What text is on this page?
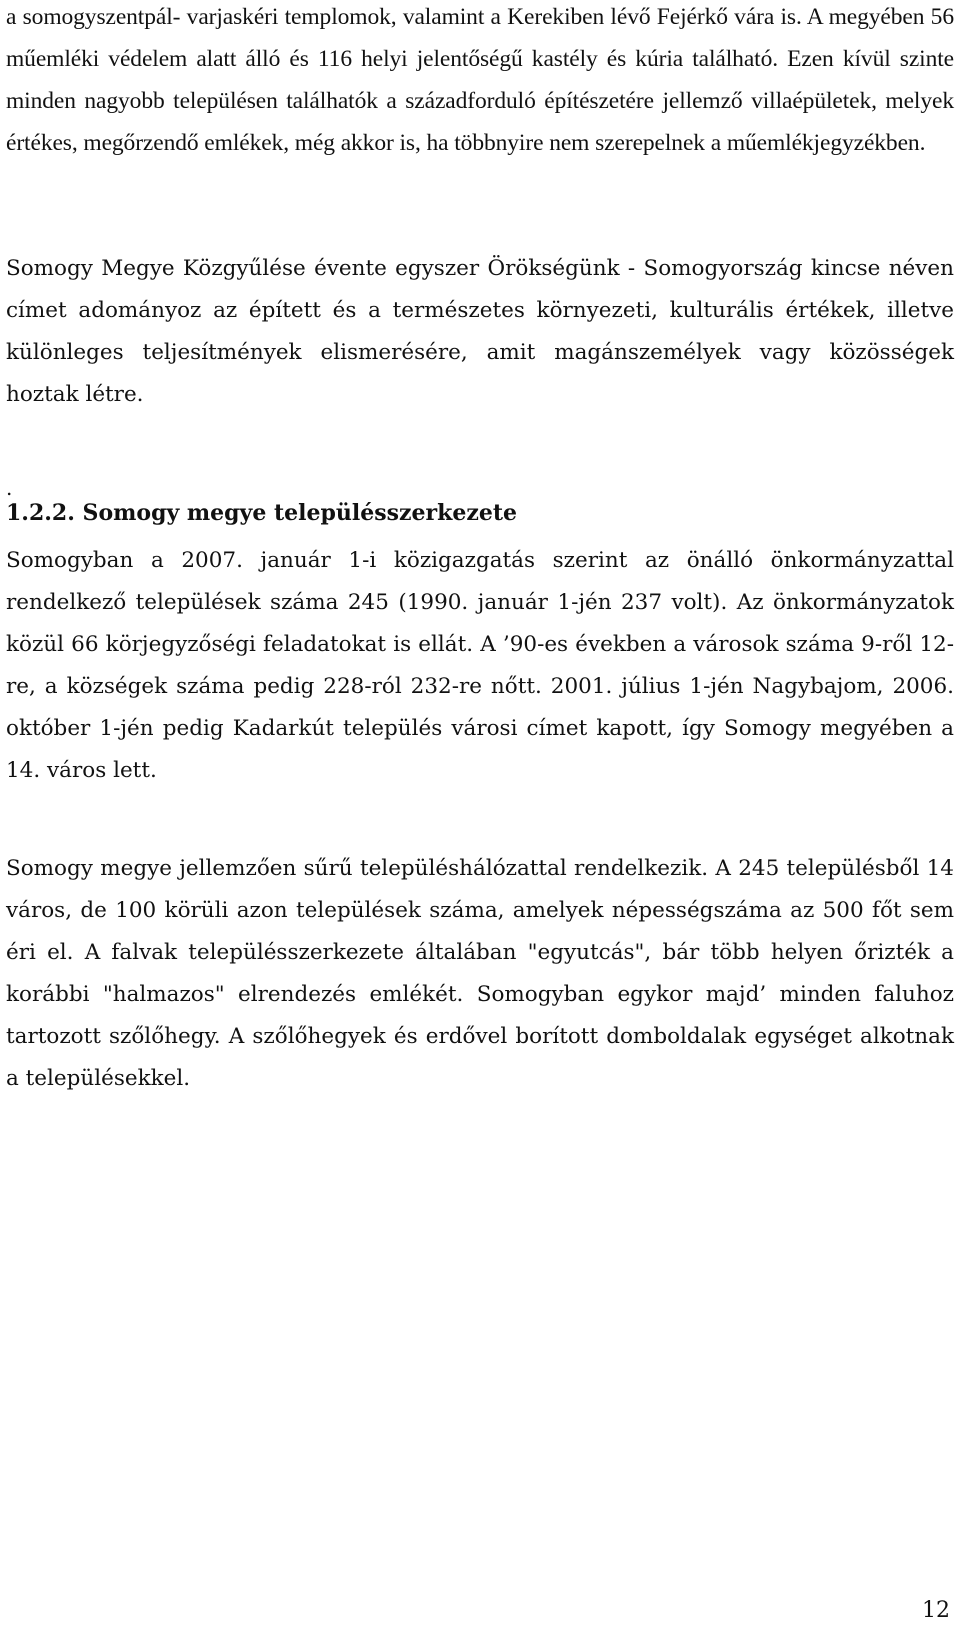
a somogyszentpál- varjaskéri templomok, valamint a Kerekiben lévő Fejérkő vára is. A megyében 56 műemléki védelem alatt álló és 116 helyi jelentőségű kastély és kúria található. Ezen kívül szinte minden nagyobb településen találhatók a századforduló építészetére jellemző villaépületek, melyek értékes, megőrzendő emlékek, még akkor is, ha többnyire nem szerepelnek a műemlékjegyzékben.

Somogy Megye Közgyűlése évente egyszer Örökségünk - Somogyország kincse néven címet adományoz az épített és a természetes környezeti, kulturális értékek, illetve különleges teljesítmények elismerésére, amit magánszemélyek vagy közösségek hoztak létre.

.
1.2.2. Somogy megye településszerkezete

Somogyban a 2007. január 1-i közigazgatás szerint az önálló önkormányzattal rendelkező települések száma 245 (1990. január 1-jén 237 volt). Az önkormányzatok közül 66 körjegyzőségi feladatokat is ellát. A ’90-es években a városok száma 9-ről 12-re, a községek száma pedig 228-ról 232-re nőtt. 2001. július 1-jén Nagybajom, 2006. október 1-jén pedig Kadarkút település városi címet kapott, így Somogy megyében a 14. város lett.

Somogy megye jellemzően sűrű településhálózattal rendelkezik. A 245 településből 14 város, de 100 körüli azon települések száma, amelyek népességszáma az 500 főt sem éri el. A falvak településszerkezete általában "egyutcás", bár több helyen őrizték a korábbi "halmazos" elrendezés emlékét. Somogyban egykor majd’ minden faluhoz tartozott szőlőhegy. A szőlőhegyek és erdővel borított domboldalak egységet alkotnak a településekkel.

12
